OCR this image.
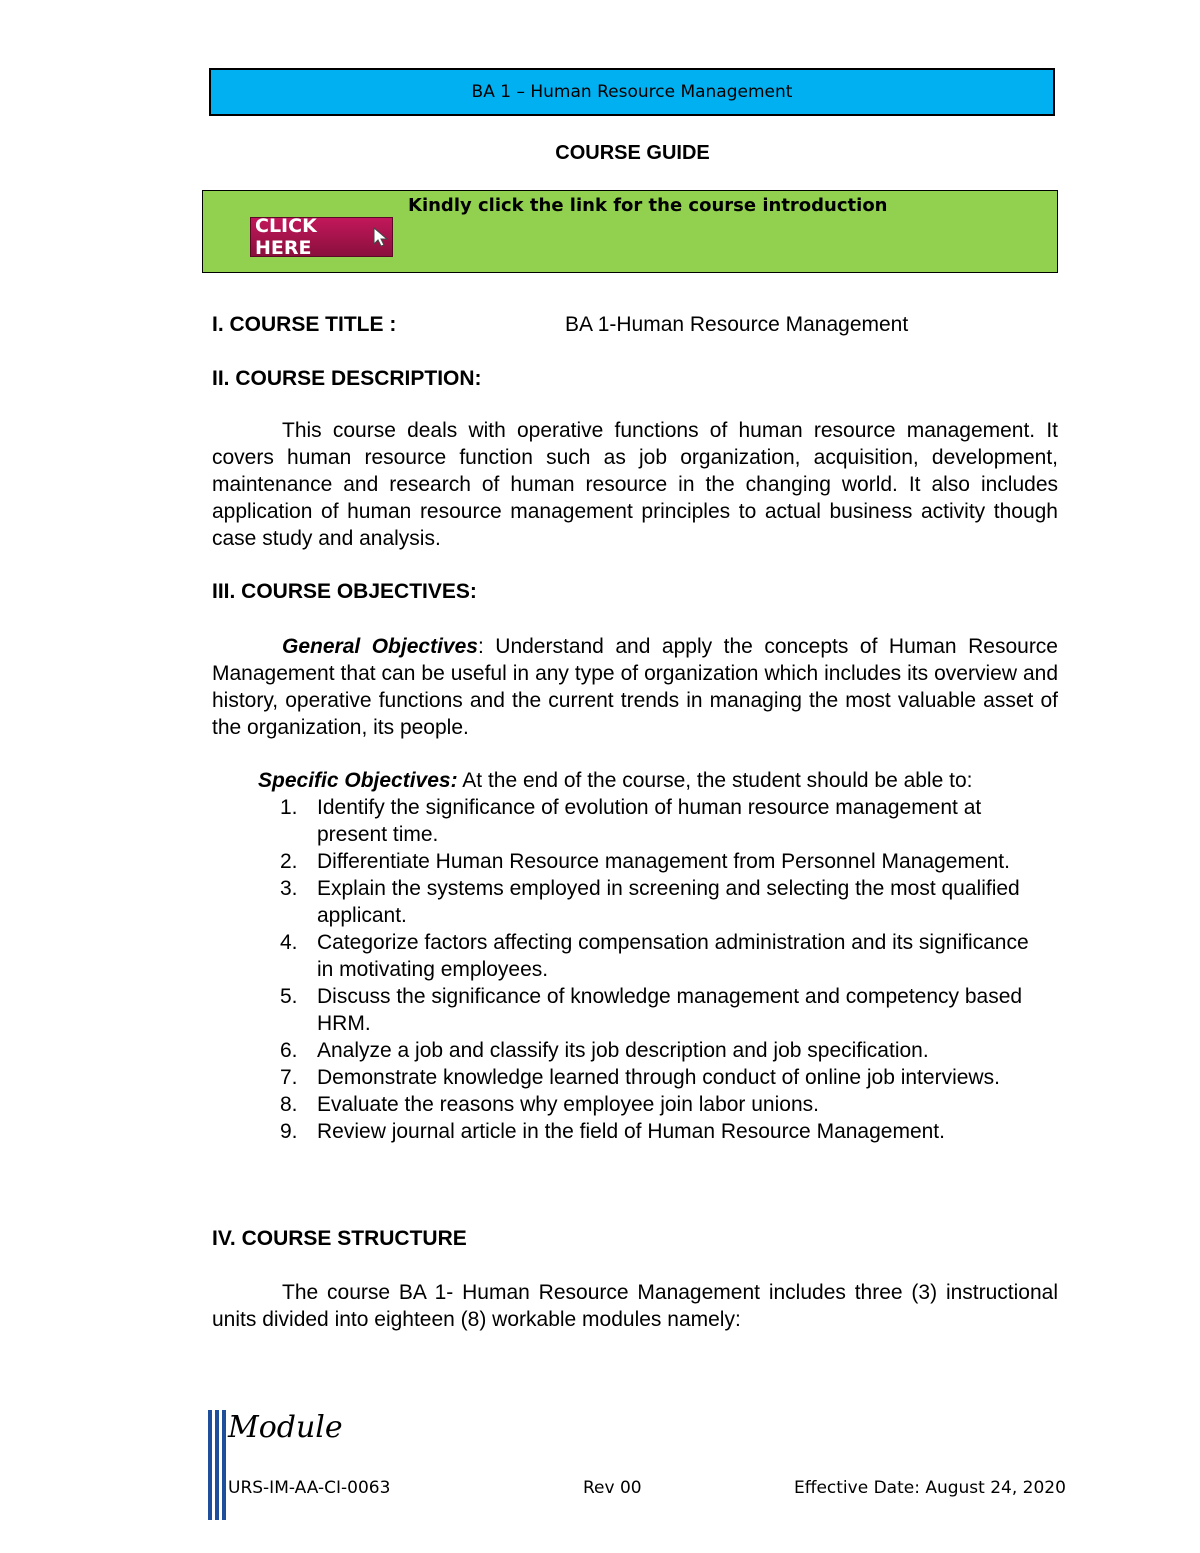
BA 1 – Human Resource Management
COURSE GUIDE
Kindly click the link for the course introduction
CLICK HERE
I. COURSE TITLE :	BA 1-Human Resource Management
II. COURSE DESCRIPTION:
This course deals with operative functions of human resource management. It covers human resource function such as job organization, acquisition, development, maintenance and research of human resource in the changing world. It also includes application of human resource management principles to actual business activity though case study and analysis.
III. COURSE OBJECTIVES:
General Objectives: Understand and apply the concepts of Human Resource Management that can be useful in any type of organization which includes its overview and history, operative functions and the current trends in managing the most valuable asset of the organization, its people.
Specific Objectives: At the end of the course, the student should be able to:
1. Identify the significance of evolution of human resource management at present time.
2. Differentiate Human Resource management from Personnel Management.
3. Explain the systems employed in screening and selecting the most qualified applicant.
4. Categorize factors affecting compensation administration and its significance in motivating employees.
5. Discuss the significance of knowledge management and competency based HRM.
6. Analyze a job and classify its job description and job specification.
7. Demonstrate knowledge learned through conduct of online job interviews.
8. Evaluate the reasons why employee join labor unions.
9. Review journal article in the field of Human Resource Management.
IV. COURSE STRUCTURE
The course BA 1- Human Resource Management includes three (3) instructional units divided into eighteen (8) workable modules namely:
Module
URS-IM-AA-CI-0063	Rev 00	Effective Date: August 24, 2020
